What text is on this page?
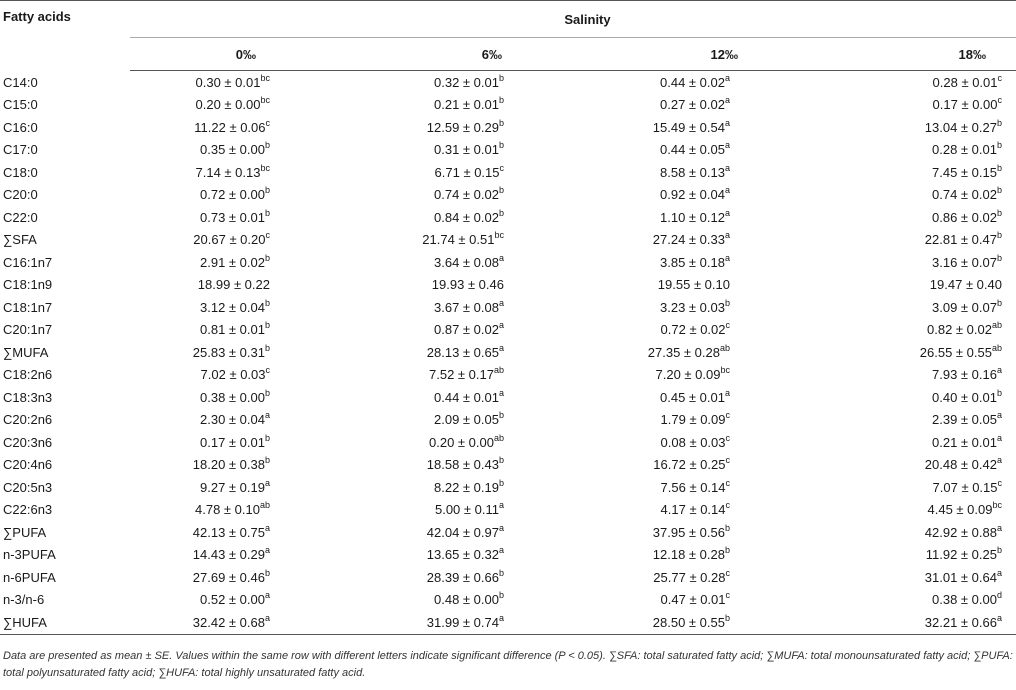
Fatty acids	Salinity			
	0‰	6‰	12‰	18‰
C14:0	0.30 ± 0.01$^{bc}$	0.32 ± 0.01$^b$	0.44 ± 0.02$^a$	0.28 ± 0.01$^c$
C15:0	0.20 ± 0.00$^{bc}$	0.21 ± 0.01$^b$	0.27 ± 0.02$^a$	0.17 ± 0.00$^c$
C16:0	11.22 ± 0.06$^c$	12.59 ± 0.29$^b$	15.49 ± 0.54$^a$	13.04 ± 0.27$^b$
C17:0	0.35 ± 0.00$^b$	0.31 ± 0.01$^b$	0.44 ± 0.05$^a$	0.28 ± 0.01$^b$
C18:0	7.14 ± 0.13$^{bc}$	6.71 ± 0.15$^c$	8.58 ± 0.13$^a$	7.45 ± 0.15$^b$
C20:0	0.72 ± 0.00$^b$	0.74 ± 0.02$^b$	0.92 ± 0.04$^a$	0.74 ± 0.02$^b$
C22:0	0.73 ± 0.01$^b$	0.84 ± 0.02$^b$	1.10 ± 0.12$^a$	0.86 ± 0.02$^b$
∑SFA	20.67 ± 0.20$^c$	21.74 ± 0.51$^{bc}$	27.24 ± 0.33$^a$	22.81 ± 0.47$^b$
C16:1n7	2.91 ± 0.02$^b$	3.64 ± 0.08$^a$	3.85 ± 0.18$^a$	3.16 ± 0.07$^b$
C18:1n9	18.99 ± 0.22	19.93 ± 0.46	19.55 ± 0.10	19.47 ± 0.40
C18:1n7	3.12 ± 0.04$^b$	3.67 ± 0.08$^a$	3.23 ± 0.03$^b$	3.09 ± 0.07$^b$
C20:1n7	0.81 ± 0.01$^b$	0.87 ± 0.02$^a$	0.72 ± 0.02$^c$	0.82 ± 0.02$^{ab}$
∑MUFA	25.83 ± 0.31$^b$	28.13 ± 0.65$^a$	27.35 ± 0.28$^{ab}$	26.55 ± 0.55$^{ab}$
C18:2n6	7.02 ± 0.03$^c$	7.52 ± 0.17$^{ab}$	7.20 ± 0.09$^{bc}$	7.93 ± 0.16$^a$
C18:3n3	0.38 ± 0.00$^b$	0.44 ± 0.01$^a$	0.45 ± 0.01$^a$	0.40 ± 0.01$^b$
C20:2n6	2.30 ± 0.04$^a$	2.09 ± 0.05$^b$	1.79 ± 0.09$^c$	2.39 ± 0.05$^a$
C20:3n6	0.17 ± 0.01$^b$	0.20 ± 0.00$^{ab}$	0.08 ± 0.03$^c$	0.21 ± 0.01$^a$
C20:4n6	18.20 ± 0.38$^b$	18.58 ± 0.43$^b$	16.72 ± 0.25$^c$	20.48 ± 0.42$^a$
C20:5n3	9.27 ± 0.19$^a$	8.22 ± 0.19$^b$	7.56 ± 0.14$^c$	7.07 ± 0.15$^c$
C22:6n3	4.78 ± 0.10$^{ab}$	5.00 ± 0.11$^a$	4.17 ± 0.14$^c$	4.45 ± 0.09$^{bc}$
∑PUFA	42.13 ± 0.75$^a$	42.04 ± 0.97$^a$	37.95 ± 0.56$^b$	42.92 ± 0.88$^a$
n-3PUFA	14.43 ± 0.29$^a$	13.65 ± 0.32$^a$	12.18 ± 0.28$^b$	11.92 ± 0.25$^b$
n-6PUFA	27.69 ± 0.46$^b$	28.39 ± 0.66$^b$	25.77 ± 0.28$^c$	31.01 ± 0.64$^a$
n-3/n-6	0.52 ± 0.00$^a$	0.48 ± 0.00$^b$	0.47 ± 0.01$^c$	0.38 ± 0.00$^d$
∑HUFA	32.42 ± 0.68$^a$	31.99 ± 0.74$^a$	28.50 ± 0.55$^b$	32.21 ± 0.66$^a$
Data are presented as mean ± SE. Values within the same row with different letters indicate significant difference (P < 0.05). ∑SFA: total saturated fatty acid; ∑MUFA: total monounsaturated fatty acid; ∑PUFA: total polyunsaturated fatty acid; ∑HUFA: total highly unsaturated fatty acid.
